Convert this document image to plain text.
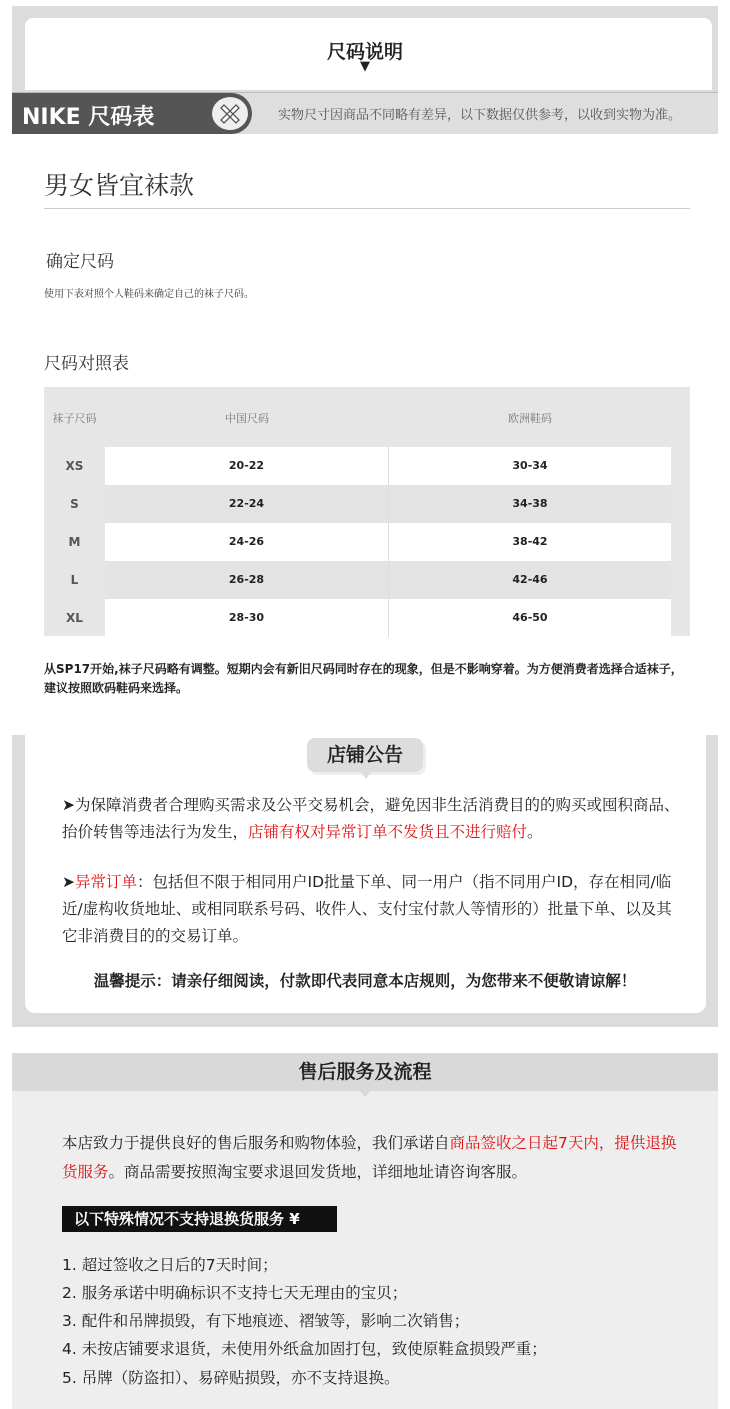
尺码说明
▼
NIKE 尺码表	实物尺寸因商品不同略有差异，以下数据仅供参考，以收到实物为准。
男女皆宜袜款
确定尺码
使用下表对照个人鞋码来确定自己的袜子尺码。
尺码对照表
袜子尺码	中国尺码	欧洲鞋码
XS	20-22	30-34
S	22-24	34-38
M	24-26	38-42
L	26-28	42-46
XL	28-30	46-50
从SP17开始,袜子尺码略有调整。短期内会有新旧尺码同时存在的现象，但是不影响穿着。为方便消费者选择合适袜子，建议按照欧码鞋码来选择。
店铺公告
➤为保障消费者合理购买需求及公平交易机会，避免因非生活消费目的的购买或囤积商品、抬价转售等违法行为发生，店铺有权对异常订单不发货且不进行赔付。
➤异常订单：包括但不限于相同用户ID批量下单、同一用户（指不同用户ID，存在相同/临近/虚构收货地址、或相同联系号码、收件人、支付宝付款人等情形的）批量下单、以及其它非消费目的的交易订单。
温馨提示：请亲仔细阅读，付款即代表同意本店规则，为您带来不便敬请谅解！
售后服务及流程
本店致力于提供良好的售后服务和购物体验，我们承诺自商品签收之日起7天内，提供退换货服务。商品需要按照淘宝要求退回发货地，详细地址请咨询客服。
以下特殊情况不支持退换货服务 ¥
1. 超过签收之日后的7天时间；
2. 服务承诺中明确标识不支持七天无理由的宝贝；
3. 配件和吊牌损毁，有下地痕迹、褶皱等，影响二次销售；
4. 未按店铺要求退货，未使用外纸盒加固打包，致使原鞋盒损毁严重；
5. 吊牌（防盗扣）、易碎贴损毁，亦不支持退换。
